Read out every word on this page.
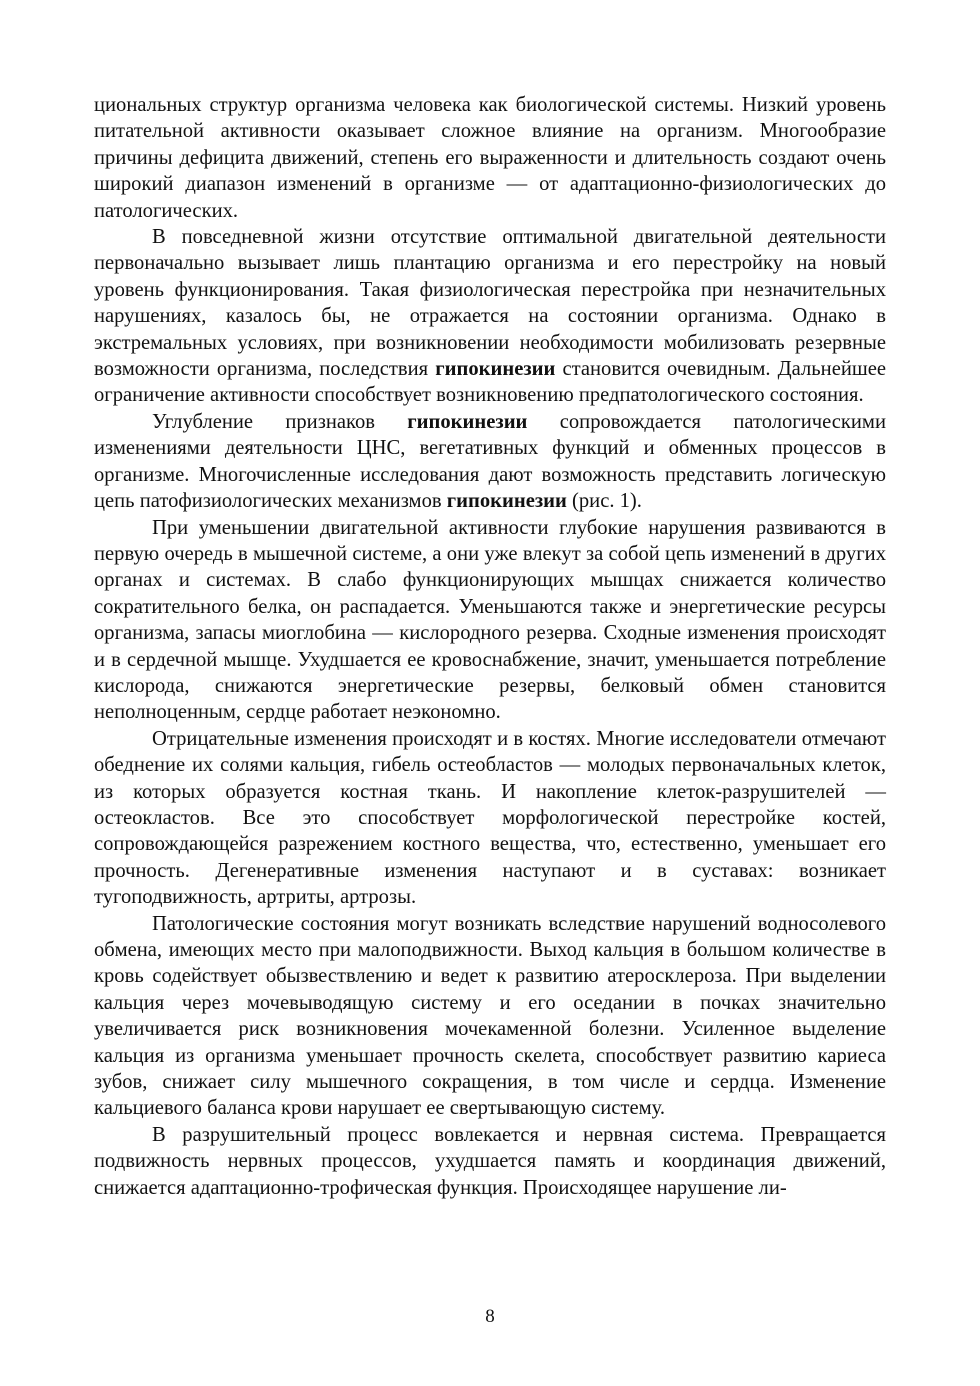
циональных структур организма человека как биологической системы. Низкий уровень питательной активности оказывает сложное влияние на организм. Многообразие причины дефицита движений, степень его выраженности и длительность создают очень широкий диапазон изменений в организме — от адаптационно-физиологических до патологических.

В повседневной жизни отсутствие оптимальной двигательной деятельности первоначально вызывает лишь плантацию организма и его перестройку на новый уровень функционирования. Такая физиологическая перестройка при незначительных нарушениях, казалось бы, не отражается на состоянии организма. Однако в экстремальных условиях, при возникновении необходимости мобилизовать резервные возможности организма, последствия гипокинезии становится очевидным. Дальнейшее ограничение активности способствует возникновению предпатологического состояния.

Углубление признаков гипокинезии сопровождается патологическими изменениями деятельности ЦНС, вегетативных функций и обменных процессов в организме. Многочисленные исследования дают возможность представить логическую цепь патофизиологических механизмов гипокинезии (рис. 1).

При уменьшении двигательной активности глубокие нарушения развиваются в первую очередь в мышечной системе, а они уже влекут за собой цепь изменений в других органах и системах. В слабо функционирующих мышцах снижается количество сократительного белка, он распадается. Уменьшаются также и энергетические ресурсы организма, запасы миоглобина — кислородного резерва. Сходные изменения происходят и в сердечной мышце. Ухудшается ее кровоснабжение, значит, уменьшается потребление кислорода, снижаются энергетические резервы, белковый обмен становится неполноценным, сердце работает неэкономно.

Отрицательные изменения происходят и в костях. Многие исследователи отмечают обеднение их солями кальция, гибель остеобластов — молодых первоначальных клеток, из которых образуется костная ткань. И накопление клеток-разрушителей — остеокластов. Все это способствует морфологической перестройке костей, сопровождающейся разрежением костного вещества, что, естественно, уменьшает его прочность. Дегенеративные изменения наступают и в суставах: возникает тугоподвижность, артриты, артрозы.

Патологические состояния могут возникать вследствие нарушений водносолевого обмена, имеющих место при малоподвижности. Выход кальция в большом количестве в кровь содействует обызвествлению и ведет к развитию атеросклероза. При выделении кальция через мочевыводящую систему и его оседании в почках значительно увеличивается риск возникновения мочекаменной болезни. Усиленное выделение кальция из организма уменьшает прочность скелета, способствует развитию кариеса зубов, снижает силу мышечного сокращения, в том числе и сердца. Изменение кальциевого баланса крови нарушает ее свертывающую систему.

В разрушительный процесс вовлекается и нервная система. Превращается подвижность нервных процессов, ухудшается память и координация движений, снижается адаптационно-трофическая функция. Происходящее нарушение ли-

8
